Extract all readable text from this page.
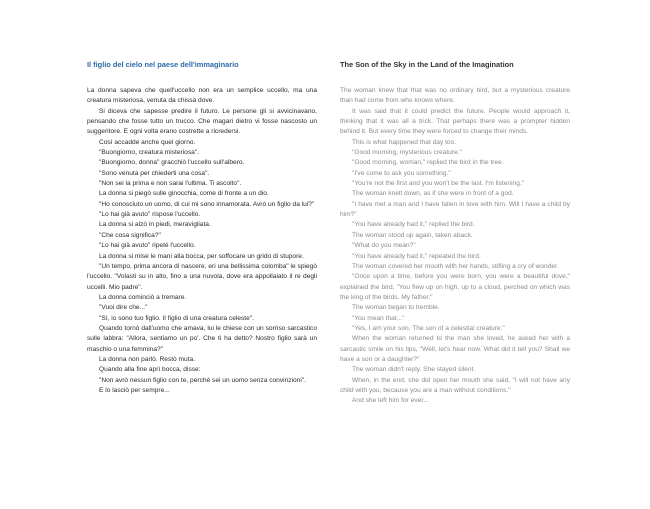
Il figlio del cielo nel paese dell'immaginario

La donna sapeva che quell'uccello non era un semplice uccello, ma una creatura misteriosa, venuta da chissà dove.

Si diceva che sapesse predire il futuro. Le persone gli si avvicinavano, pensando che fosse tutto un trucco. Che magari dietro vi fosse nascosto un suggeritore. E ogni volta erano costrette a ricredersi.

Così accadde anche quel giorno.

"Buongiorno, creatura misteriosa".

"Buongiorno, donna" gracchiò l'uccello sull'albero.

"Sono venuta per chiederti una cosa".

"Non sei la prima e non sarai l'ultima. Ti ascolto".

La donna si piegò sulle ginocchia, come di fronte a un dio.

"Ho conosciuto un uomo, di cui mi sono innamorata. Avrò un figlio da lui?"

"Lo hai già avuto" rispose l'uccello.

La donna si alzò in piedi, meravigliata.

"Che cosa significa?"

"Lo hai già avuto" ripeté l'uccello.

La donna si mise le mani alla bocca, per soffocare un grido di stupore.

"Un tempo, prima ancora di nascere, eri una bellissima colomba" le spiegò l'uccello. "Volasti su in alto, fino a una nuvola, dove era appollaiato il re degli uccelli. Mio padre".

La donna cominciò a tremare.

"Vuoi dire che..."

"Sì, io sono tuo figlio. Il figlio di una creatura celeste".

Quando tornò dall'uomo che amava, lui le chiese con un sorriso sarcastico sulle labbra: "Allora, sentiamo un po'. Che ti ha detto? Nostro figlio sarà un maschio o una femmina?"

La donna non parlò. Restò muta.

Quando alla fine aprì bocca, disse:

"Non avrò nessun figlio con te, perché sei un uomo senza convinzioni".

E lo lasciò per sempre...

The Son of the Sky in the Land of the Imagination

The woman knew that that was no ordinary bird, but a mysterious creature than had come from who knows where.

It was said that it could predict the future. People would approach it, thinking that it was all a trick. That perhaps there was a prompter hidden behind it. But every time they were forced to change their minds.

This is what happened that day too.

"Good morning, mysterious creature."

"Good morning, woman," replied the bird in the tree.

"I've come to ask you something."

"You're not the first and you won't be the last. I'm listening."

The woman knelt down, as if she were in front of a god.

"I have met a man and I have fallen in love with him. Will I have a child by him?"

"You have already had it," replied the bird.

The woman stood up again, taken aback.

"What do you mean?"

"You have already had it," repeated the bird.

The woman covered her mouth with her hands, stifling a cry of wonder.

"Once upon a time, before you were born, you were a beautiful dove," explained the bird. "You flew up on high, up to a cloud, perched on which was the king of the birds. My father."

The woman began to tremble.

"You mean that..."

"Yes, I am your son. The son of a celestial creature."

When the woman returned to the man she loved, he asked her with a sarcastic smile on his lips, "Well, let's hear now. What did it tell you? Shall we have a son or a daughter?"

The woman didn't reply. She stayed silent.

When, in the end, she did open her mouth she said, "I will not have any child with you, because you are a man without conditions."

And she left him for ever...
